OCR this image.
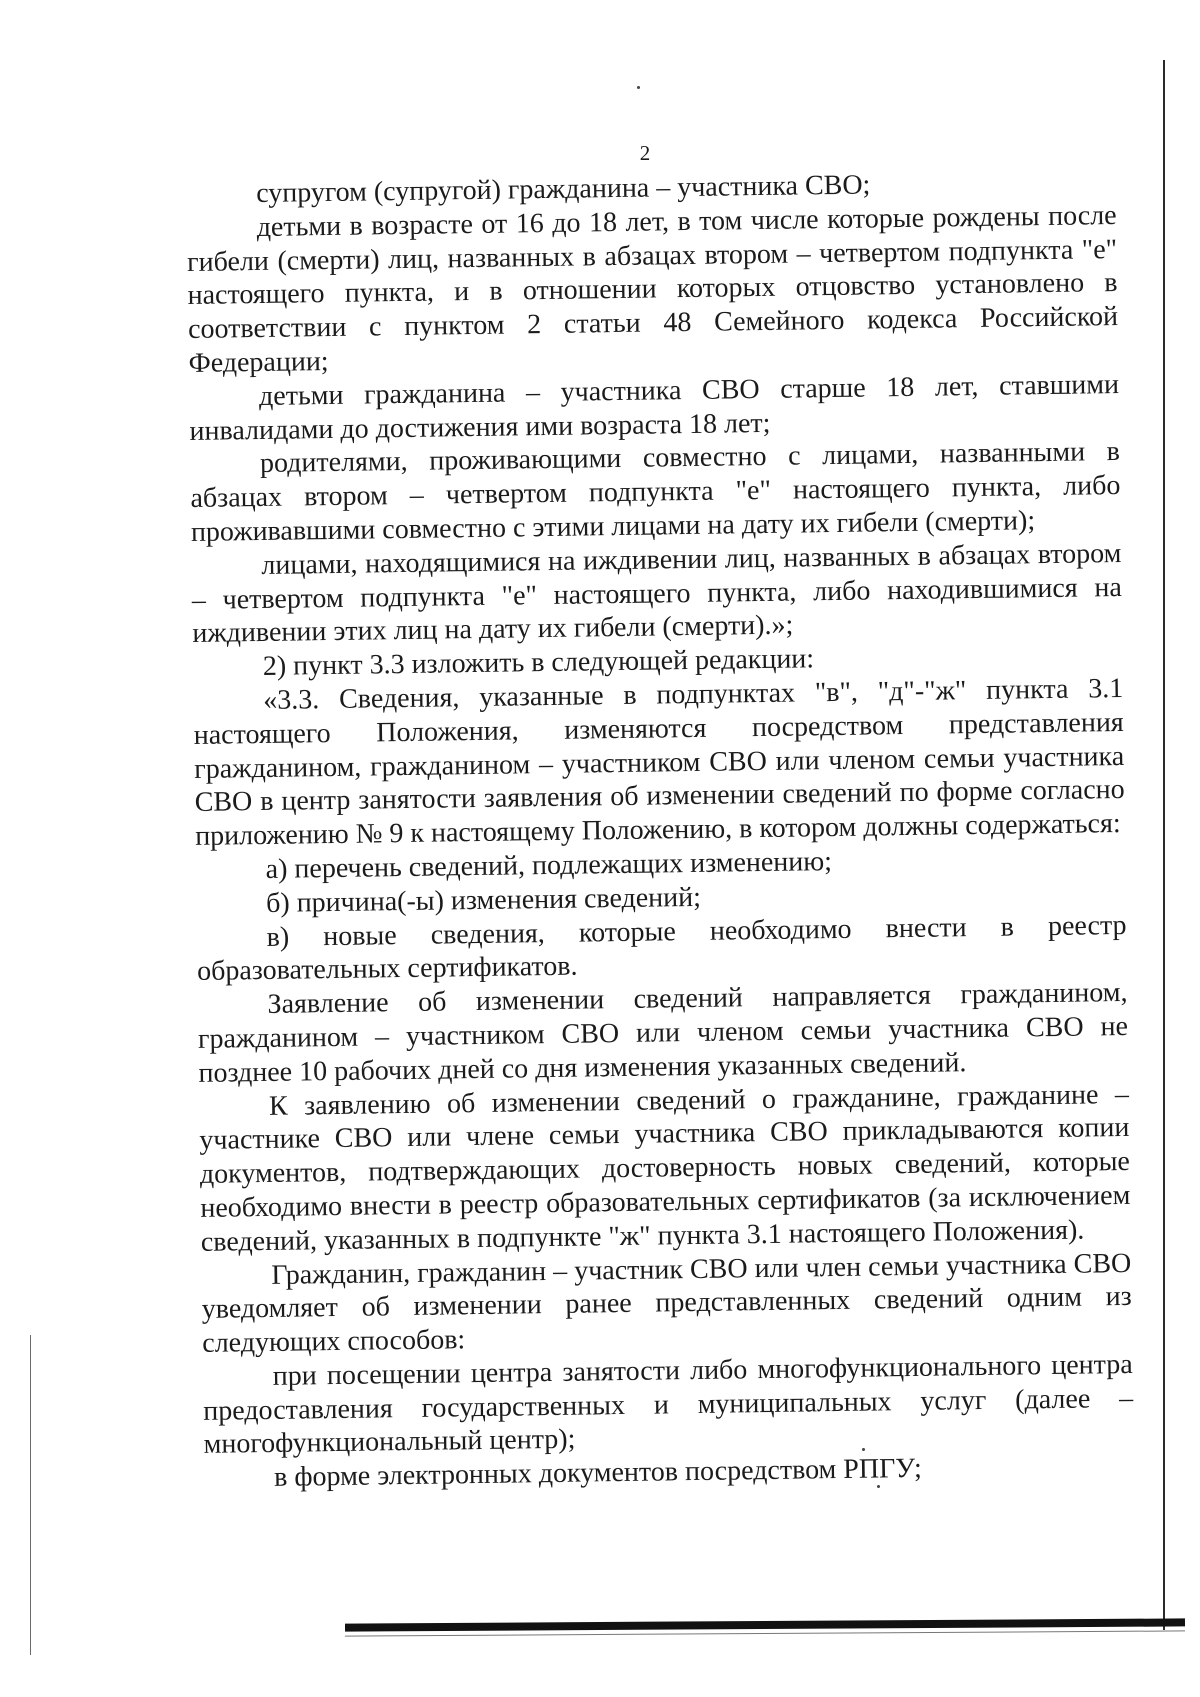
2

супругом (супругой) гражданина – участника СВО;

детьми в возрасте от 16 до 18 лет, в том числе которые рождены после гибели (смерти) лиц, названных в абзацах втором – четвертом подпункта "е" настоящего пункта, и в отношении которых отцовство установлено в соответствии с пунктом 2 статьи 48 Семейного кодекса Российской Федерации;

детьми гражданина – участника СВО старше 18 лет, ставшими инвалидами до достижения ими возраста 18 лет;

родителями, проживающими совместно с лицами, названными в абзацах втором – четвертом подпункта "е" настоящего пункта, либо проживавшими совместно с этими лицами на дату их гибели (смерти);

лицами, находящимися на иждивении лиц, названных в абзацах втором – четвертом подпункта "е" настоящего пункта, либо находившимися на иждивении этих лиц на дату их гибели (смерти).»;

2) пункт 3.3 изложить в следующей редакции:

«3.3. Сведения, указанные в подпунктах "в", "д"-"ж" пункта 3.1 настоящего Положения, изменяются посредством представления гражданином, гражданином – участником СВО или членом семьи участника СВО в центр занятости заявления об изменении сведений по форме согласно приложению № 9 к настоящему Положению, в котором должны содержаться:

а) перечень сведений, подлежащих изменению;

б) причина(-ы) изменения сведений;

в) новые сведения, которые необходимо внести в реестр образовательных сертификатов.

Заявление об изменении сведений направляется гражданином, гражданином – участником СВО или членом семьи участника СВО не позднее 10 рабочих дней со дня изменения указанных сведений.

К заявлению об изменении сведений о гражданине, гражданине – участнике СВО или члене семьи участника СВО прикладываются копии документов, подтверждающих достоверность новых сведений, которые необходимо внести в реестр образовательных сертификатов (за исключением сведений, указанных в подпункте "ж" пункта 3.1 настоящего Положения).

Гражданин, гражданин – участник СВО или член семьи участника СВО уведомляет об изменении ранее представленных сведений одним из следующих способов:

при посещении центра занятости либо многофункционального центра предоставления государственных и муниципальных услуг (далее – многофункциональный центр);

в форме электронных документов посредством РПГУ;
